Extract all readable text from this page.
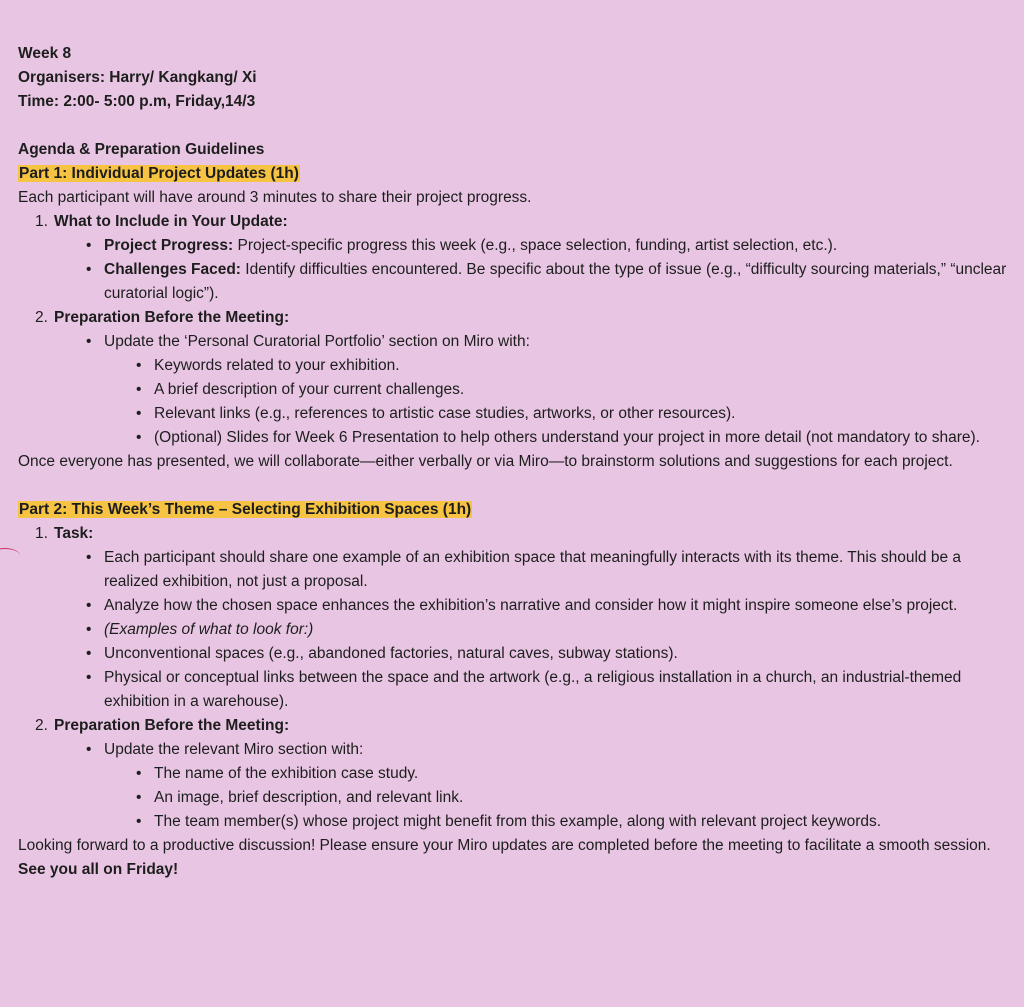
Week 8
Organisers: Harry/ Kangkang/ Xi
Time: 2:00- 5:00 p.m, Friday,14/3
Agenda & Preparation Guidelines
Part 1: Individual Project Updates (1h)
Each participant will have around 3 minutes to share their project progress.
1. What to Include in Your Update:
• Project Progress: Project-specific progress this week (e.g., space selection, funding, artist selection, etc.).
• Challenges Faced: Identify difficulties encountered. Be specific about the type of issue (e.g., “difficulty sourcing materials,” “unclear curatorial logic”).
2. Preparation Before the Meeting:
• Update the ‘Personal Curatorial Portfolio’ section on Miro with:
• Keywords related to your exhibition.
• A brief description of your current challenges.
• Relevant links (e.g., references to artistic case studies, artworks, or other resources).
• (Optional) Slides for Week 6 Presentation to help others understand your project in more detail (not mandatory to share).
Once everyone has presented, we will collaborate—either verbally or via Miro—to brainstorm solutions and suggestions for each project.
Part 2: This Week’s Theme – Selecting Exhibition Spaces (1h)
1. Task:
• Each participant should share one example of an exhibition space that meaningfully interacts with its theme. This should be a realized exhibition, not just a proposal.
• Analyze how the chosen space enhances the exhibition’s narrative and consider how it might inspire someone else’s project.
• (Examples of what to look for:)
• Unconventional spaces (e.g., abandoned factories, natural caves, subway stations).
• Physical or conceptual links between the space and the artwork (e.g., a religious installation in a church, an industrial-themed exhibition in a warehouse).
2. Preparation Before the Meeting:
• Update the relevant Miro section with:
• The name of the exhibition case study.
• An image, brief description, and relevant link.
• The team member(s) whose project might benefit from this example, along with relevant project keywords.
Looking forward to a productive discussion! Please ensure your Miro updates are completed before the meeting to facilitate a smooth session.
See you all on Friday!
